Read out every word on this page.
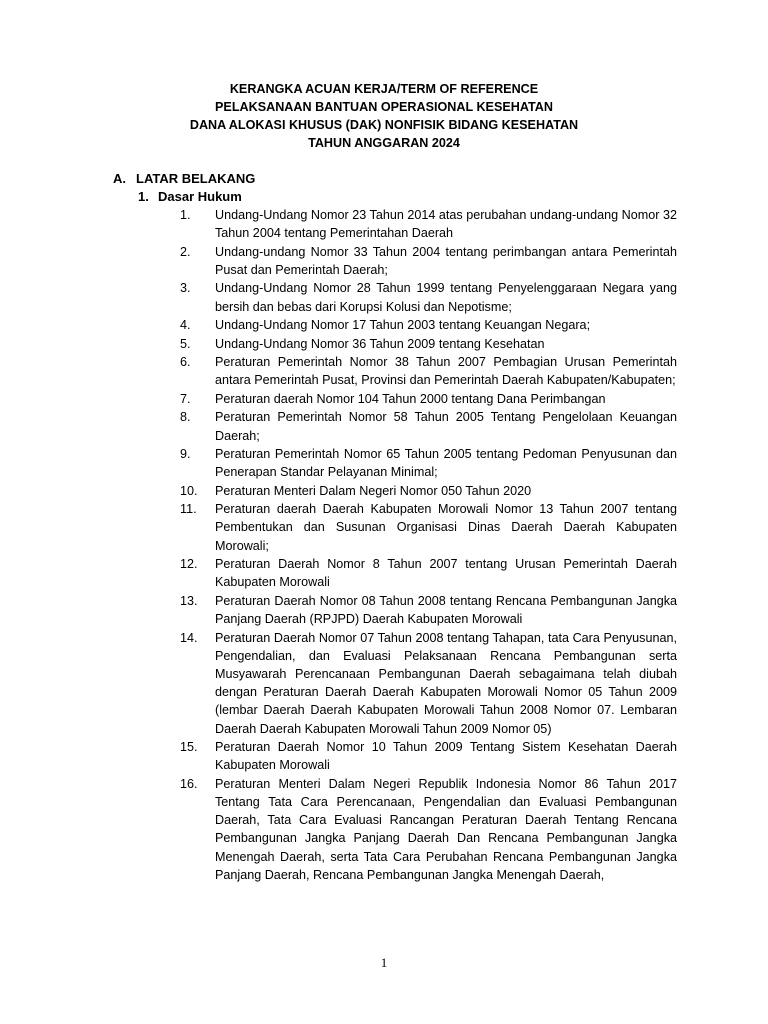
KERANGKA ACUAN KERJA/TERM OF REFERENCE
PELAKSANAAN BANTUAN OPERASIONAL KESEHATAN
DANA ALOKASI KHUSUS (DAK) NONFISIK BIDANG KESEHATAN
TAHUN ANGGARAN 2024
A. LATAR BELAKANG
1. Dasar Hukum
1.	Undang-Undang Nomor 23 Tahun 2014 atas perubahan undang-undang Nomor 32 Tahun 2004 tentang Pemerintahan Daerah
2.	Undang-undang Nomor 33 Tahun 2004 tentang perimbangan antara Pemerintah Pusat dan Pemerintah Daerah;
3.	Undang-Undang Nomor 28 Tahun 1999 tentang Penyelenggaraan Negara yang bersih dan bebas dari Korupsi Kolusi dan Nepotisme;
4.	Undang-Undang Nomor 17 Tahun 2003 tentang Keuangan Negara;
5.	Undang-Undang Nomor 36 Tahun 2009 tentang Kesehatan
6.	Peraturan Pemerintah Nomor 38 Tahun 2007 Pembagian Urusan Pemerintah antara Pemerintah Pusat, Provinsi dan Pemerintah Daerah Kabupaten/Kabupaten;
7.	Peraturan daerah Nomor 104 Tahun 2000 tentang Dana Perimbangan
8.	Peraturan Pemerintah Nomor 58 Tahun 2005 Tentang Pengelolaan Keuangan Daerah;
9.	Peraturan Pemerintah Nomor 65 Tahun 2005 tentang Pedoman Penyusunan dan Penerapan Standar Pelayanan Minimal;
10.	Peraturan Menteri Dalam Negeri Nomor 050 Tahun 2020
11.	Peraturan daerah Daerah Kabupaten Morowali Nomor 13 Tahun 2007 tentang Pembentukan dan Susunan Organisasi Dinas Daerah Daerah Kabupaten Morowali;
12.	Peraturan Daerah Nomor 8 Tahun 2007 tentang Urusan Pemerintah Daerah Kabupaten Morowali
13.	Peraturan Daerah Nomor 08 Tahun 2008 tentang Rencana Pembangunan Jangka Panjang Daerah (RPJPD) Daerah Kabupaten Morowali
14.	Peraturan Daerah Nomor 07 Tahun 2008 tentang Tahapan, tata Cara Penyusunan, Pengendalian, dan Evaluasi Pelaksanaan Rencana Pembangunan serta Musyawarah Perencanaan Pembangunan Daerah sebagaimana telah diubah dengan Peraturan Daerah Daerah Kabupaten Morowali Nomor 05 Tahun 2009 (lembar Daerah Daerah Kabupaten Morowali Tahun 2008 Nomor 07. Lembaran Daerah Daerah Kabupaten Morowali Tahun 2009 Nomor 05)
15.	Peraturan Daerah Nomor 10 Tahun 2009 Tentang Sistem Kesehatan Daerah Kabupaten Morowali
16.	Peraturan Menteri Dalam Negeri Republik Indonesia Nomor 86 Tahun 2017 Tentang Tata Cara Perencanaan, Pengendalian dan Evaluasi Pembangunan Daerah, Tata Cara Evaluasi Rancangan Peraturan Daerah Tentang Rencana Pembangunan Jangka Panjang Daerah Dan Rencana Pembangunan Jangka Menengah Daerah, serta Tata Cara Perubahan Rencana Pembangunan Jangka Panjang Daerah, Rencana Pembangunan Jangka Menengah Daerah,
1
